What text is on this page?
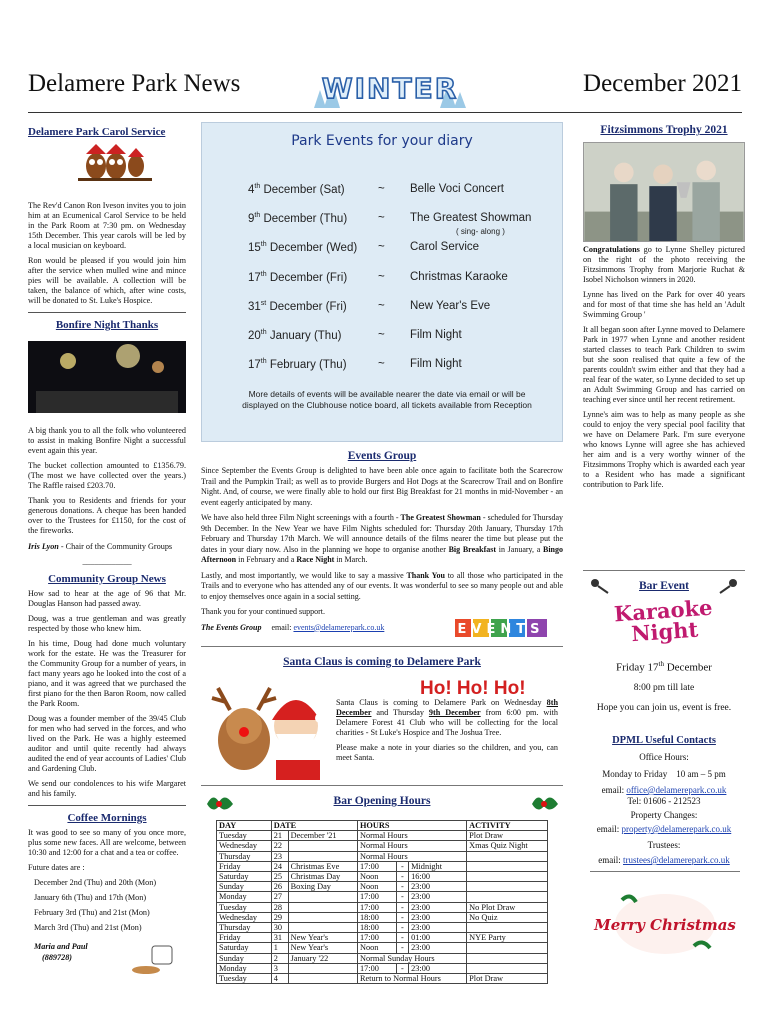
Delamere Park News	WINTER	December 2021
Delamere Park Carol Service

The Rev'd Canon Ron Iveson invites you to join him at an Ecumenical Carol Service to be held in the Park Room at 7:30 pm. on Wednesday 15th December. This year carols will be led by a local musician on keyboard.

Ron would be pleased if you would join him after the service when mulled wine and mince pies will be available. A collection will be taken, the balance of which, after wine costs, will be donated to St. Luke's Hospice.

Bonfire Night Thanks

A big thank you to all the folk who volunteered to assist in making Bonfire Night a successful event again this year.

The bucket collection amounted to £1356.79. (The most we have collected over the years.) The Raffle raised £203.70.

Thank you to Residents and friends for your generous donations. A cheque has been handed over to the Trustees for £1150, for the cost of the fireworks.

Iris Lyon - Chair of the Community Groups

____________

Community Group News

How sad to hear at the age of 96 that Mr. Douglas Hanson had passed away.

Doug, was a true gentleman and was greatly respected by those who knew him.

In his time, Doug had done much voluntary work for the estate. He was the Treasurer for the Community Group for a number of years, in fact many years ago he looked into the cost of a piano, and it was agreed that we purchased the first piano for the then Baron Room, now called the Park Room.

Doug was a founder member of the 39/45 Club for men who had served in the forces, and who lived on the Park. He was a highly esteemed auditor and until quite recently had always audited the end of year accounts of Ladies' Club and Gardening Club.

We send our condolences to his wife Margaret and his family.

Coffee Mornings

It was good to see so many of you once more, plus some new faces. All are welcome, between 10:30 and 12:00 for a chat and a tea or coffee.

Future dates are :

December 2nd (Thu) and 20th (Mon)

January 6th (Thu) and 17th (Mon)

February 3rd (Thu) and 21st (Mon)

March 3rd (Thu) and 21st (Mon)

Maria and Paul
(889728)
Park Events for your diary
4th December (Sat)	~ Belle Voci Concert
9th December (Thu)	~ The Greatest Showman
( sing- along )
15th December (Wed) ~ Carol Service
17th December (Fri)	~ Christmas Karaoke
31st December (Fri)	~ New Year's Eve
20th January (Thu)	~ Film Night
17th February (Thu)	~ Film Night
More details of events will be available nearer the date via email or will be displayed on the Clubhouse notice board, all tickets available from Reception
Events Group

Since September the Events Group is delighted to have been able once again to facilitate both the Scarecrow Trail and the Pumpkin Trail; as well as to provide Burgers and Hot Dogs at the Scarecrow Trail and on Bonfire Night. And, of course, we were finally able to hold our first Big Breakfast for 21 months in mid-November - an event eagerly anticipated by many.

We have also held three Film Night screenings with a fourth - The Greatest Showman - scheduled for Thursday 9th December. In the New Year we have Film Nights scheduled for: Thursday 20th January, Thursday 17th February and Thursday 17th March. We will announce details of the films nearer the time but please put the dates in your diary now. Also in the planning we hope to organise another Big Breakfast in January, a Bingo Afternoon in February and a Race Night in March.

Lastly, and most importantly, we would like to say a massive Thank You to all those who participated in the Trails and to everyone who has attended any of our events. It was wonderful to see so many people out and able to enjoy themselves once again in a social setting.

Thank you for your continued support.

The Events Group email: events@delamerepark.co.uk	EVENTS
Santa Claus is coming to Delamere Park
Ho! Ho! Ho!

Santa Claus is coming to Delamere Park on Wednesday 8th December and Thursday 9th December from 6:00 pm. with Delamere Forest 41 Club who will be collecting for the local charities - St Luke's Hospice and The Joshua Tree.

Please make a note in your diaries so the children, and you, can meet Santa.

Bar Opening Hours
DAY	DATE		HOURS			ACTIVITY
Tuesday	21	December '21	Normal Hours			Plot Draw
Wednesday	22		Normal Hours			Xmas Quiz Night
Thursday	23		Normal Hours			
Friday	24	Christmas Eve	17:00	-	Midnight	
Saturday	25	Christmas Day	Noon	-	16:00	
Sunday	26	Boxing Day	Noon	-	23:00	
Monday	27		17:00	-	23:00	
Tuesday	28		17:00	-	23:00	No Plot Draw
Wednesday	29		18:00	-	23:00	No Quiz
Thursday	30		18:00	-	23:00	
Friday	31	New Year's	17:00	-	01:00	NYE Party
Saturday	1	New Year's	Noon	-	23:00	
Sunday	2	January '22	Normal Sunday Hours			
Monday	3		17:00	-	23:00	
Tuesday	4		Return to Normal Hours			Plot Draw
Fitzsimmons Trophy 2021

Congratulations go to Lynne Shelley pictured on the right of the photo receiving the Fitzsimmons Trophy from Marjorie Ruchat & Isobel Nicholson winners in 2020.

Lynne has lived on the Park for over 40 years and for most of that time she has held an 'Adult Swimming Group '

It all began soon after Lynne moved to Delamere Park in 1977 when Lynne and another resident started classes to teach Park Children to swim but she soon realised that quite a few of the parents couldn't swim either and that they had a real fear of the water, so Lynne decided to set up an Adult Swimming Group and has carried on teaching ever since until her recent retirement.

Lynne's aim was to help as many people as she could to enjoy the very special pool facility that we have on Delamere Park. I'm sure everyone who knows Lynne will agree she has achieved her aim and is a very worthy winner of the Fitzsimmons Trophy which is awarded each year to a Resident who has made a significant contribution to Park life.

Bar Event
Karaoke Night
Friday 17th December
8:00 pm till late
Hope you can join us, event is free.
DPML Useful Contacts
Office Hours:
Monday to Friday    10 am – 5 pm
email: office@delamerepark.co.uk
Tel: 01606 - 212523
Property Changes:
email: property@delamerepark.co.uk
Trustees:
email: trustees@delamerepark.co.uk
Merry Christmas
